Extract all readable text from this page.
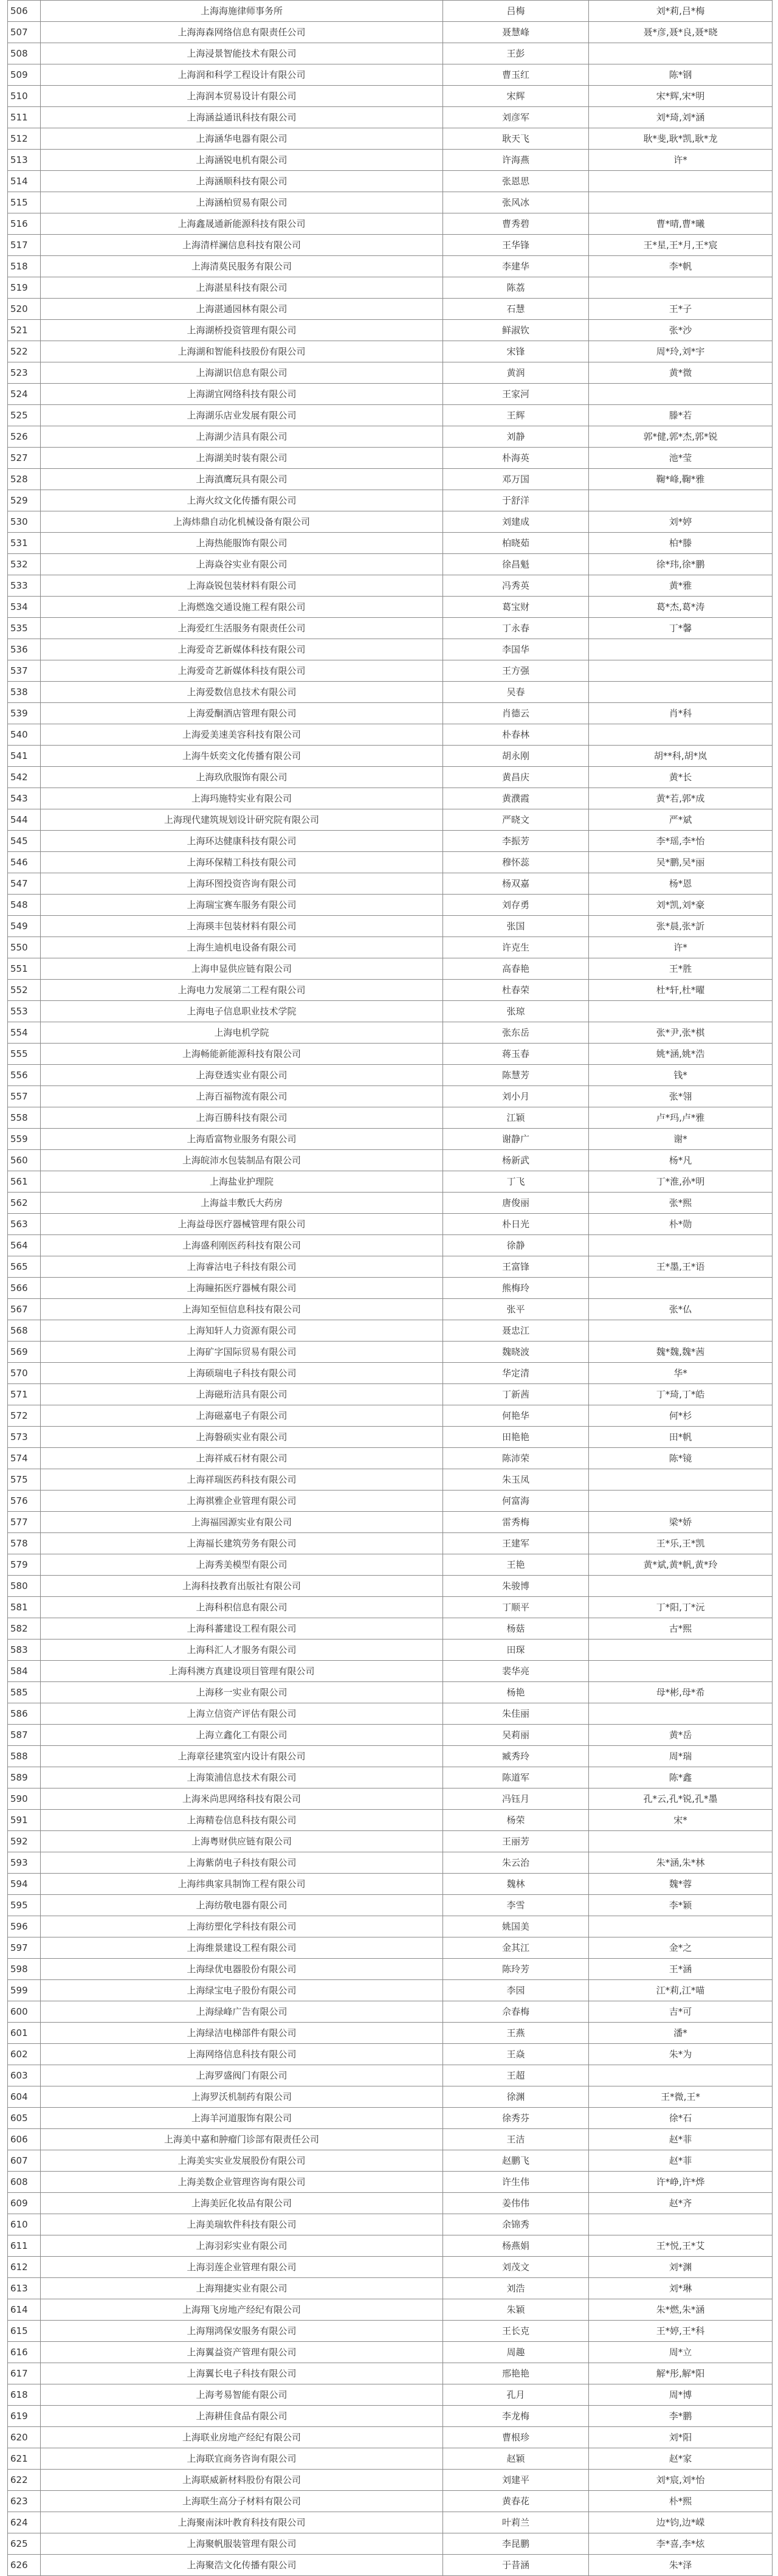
506	上海海施律师事务所	吕梅	刘*莉,吕*梅
507	上海海森网络信息有限责任公司	聂慧峰	聂*彦,聂*良,聂*晓
508	上海浸景智能技术有限公司	王彭	
509	上海润和科学工程设计有限公司	曹玉红	陈*钢
510	上海润本贸易设计有限公司	宋辉	宋*辉,宋*明
511	上海涵益通讯科技有限公司	刘彦军	刘*琦,刘*涵
512	上海涵华电器有限公司	耿天飞	耿*斐,耿*凯,耿*龙
513	上海涵锐电机有限公司	许海燕	许*
514	上海涵顺科技有限公司	张恩思	
515	上海涵柏贸易有限公司	张风冰	
516	上海鑫晟通新能源科技有限公司	曹秀碧	曹*晴,曹*曦
517	上海清样澜信息科技有限公司	王华锋	王*星,王*月,王*宸
518	上海清莫民服务有限公司	李建华	李*帆
519	上海湛星科技有限公司	陈荔	
520	上海湛通园林有限公司	石慧	王*子
521	上海湖桥投资管理有限公司	鲜淑钦	张*沙
522	上海湖和智能科技股份有限公司	宋锋	周*玲,刘*宇
523	上海湖识信息有限公司	黄润	黄*微
524	上海湖宜网络科技有限公司	王家河	
525	上海湖乐店业发展有限公司	王辉	滕*若
526	上海湖少洁具有限公司	刘静	郭*健,郭*杰,郭*锐
527	上海湖美时装有限公司	朴海英	池*莹
528	上海滇鹰玩具有限公司	邓万国	鞠*峰,鞠*雅
529	上海火纹文化传播有限公司	于舒洋	
530	上海炜鼎自动化机械设备有限公司	刘建成	刘*婷
531	上海热能服饰有限公司	柏晓茹	柏*滕
532	上海焱谷实业有限公司	徐昌魁	徐*玮,徐*鹏
533	上海焱锐包装材料有限公司	冯秀英	黄*雅
534	上海燃逸交通设施工程有限公司	葛宝财	葛*杰,葛*涛
535	上海爱红生活服务有限责任公司	丁永春	丁*馨
536	上海爱奇艺新媒体科技有限公司	李国华	
537	上海爱奇艺新媒体科技有限公司	王方强	
538	上海爱数信息技术有限公司	吴春	
539	上海爱酮酒店管理有限公司	肖德云	肖*科
540	上海爱美速美容科技有限公司	朴春林	
541	上海牛妖奕文化传播有限公司	胡永刚	胡**科,胡*岚
542	上海玖欣服饰有限公司	黄昌庆	黄*长
543	上海玛施特实业有限公司	黄濮霞	黄*若,郭*成
544	上海现代建筑规划设计研究院有限公司	严晓文	严*斌
545	上海环达健康科技有限公司	李振芳	李*瑶,李*怡
546	上海环保精工科技有限公司	穆怀蕊	吴*鹏,吴*丽
547	上海环图投资咨询有限公司	杨双嘉	杨*恩
548	上海瑞宝赛车服务有限公司	刘存勇	刘*凯,刘*豪
549	上海瑛丰包装材料有限公司	张国	张*晨,张*訢
550	上海生迪机电设备有限公司	许克生	许*
551	上海申显供应链有限公司	高春艳	王*胜
552	上海电力发展第二工程有限公司	杜春荣	杜*轩,杜*曜
553	上海电子信息职业技术学院	张琼	
554	上海电机学院	张东岳	张*尹,张*棋
555	上海畅能新能源科技有限公司	蒋玉春	姚*涵,姚*浩
556	上海登透实业有限公司	陈慧芳	钱*
557	上海百福物流有限公司	刘小月	张*翎
558	上海百勝科技有限公司	江颖	卢*玛,卢*雅
559	上海盾富物业服务有限公司	谢静广	谢*
560	上海皖沛水包装制品有限公司	杨新武	杨*凡
561	上海盐业护理院	丁飞	丁*淮,孙*明
562	上海益丰敷氏大药房	唐俊丽	张*熙
563	上海益母医疗器械管理有限公司	朴日光	朴*勋
564	上海盛利刚医药科技有限公司	徐静	
565	上海睿沽电子科技有限公司	王富锋	王*墨,王*语
566	上海瞳拓医疗器械有限公司	熊梅玲	
567	上海知至恒信息科技有限公司	张平	张*仏
568	上海知轩人力资源有限公司	聂忠江	
569	上海矿字国际贸易有限公司	魏晓波	魏*魏,魏*茜
570	上海硕瑞电子科技有限公司	华定清	华*
571	上海磁珩洁具有限公司	丁新茜	丁*琦,丁*皓
572	上海磁嘉电子有限公司	何艳华	何*杉
573	上海磐硕实业有限公司	田艳艳	田*帆
574	上海祥威石材有限公司	陈沛荣	陈*镜
575	上海祥瑞医药科技有限公司	朱玉凤	
576	上海祺雅企业管理有限公司	何富海	
577	上海福园源实业有限公司	雷秀梅	梁*娇
578	上海福长建筑劳务有限公司	王建军	王*乐,王*凯
579	上海秀美模型有限公司	王艳	黄*斌,黄*帆,黄*玲
580	上海科技教育出版社有限公司	朱骏博	
581	上海科积信息有限公司	丁顺平	丁*阳,丁*沅
582	上海科蕃建设工程有限公司	杨菇	古*熙
583	上海科汇人才服务有限公司	田琛	
584	上海科澳方真建设项目管理有限公司	裴华亮	
585	上海移一实业有限公司	杨艳	母*彬,母*希
586	上海立信资产评估有限公司	朱佳丽	
587	上海立鑫化工有限公司	吴莉丽	黄*岳
588	上海章径建筑室内设计有限公司	臧秀玲	周*瑞
589	上海策浦信息技术有限公司	陈道军	陈*鑫
590	上海米尚思网络科技有限公司	冯钰月	孔*云,孔*锐,孔*墨
591	上海精卷信息科技有限公司	杨荣	宋*
592	上海粤财供应链有限公司	王丽芳	
593	上海紫荫电子科技有限公司	朱云治	朱*涵,朱*林
594	上海纬典家具制饰工程有限公司	魏林	魏*蓉
595	上海纺敬电器有限公司	李雪	李*颖
596	上海纺塑化学科技有限公司	姚国美	
597	上海维景建设工程有限公司	金其江	金*之
598	上海绿优电器股份有限公司	陈玲芳	王*涵
599	上海绿宝电子股份有限公司	李园	江*莉,江*喵
600	上海绿峰广告有限公司	佘春梅	吉*可
601	上海绿洁电梯部件有限公司	王燕	潘*
602	上海网络信息科技有限公司	王焱	朱*为
603	上海罗盛阀门有限公司	王超	
604	上海罗沃机制药有限公司	徐渊	王*微,王*
605	上海羊河道服饰有限公司	徐秀芬	徐*石
606	上海美中嘉和肿瘤门诊部有限责任公司	王洁	赵*菲
607	上海美实实业发展股份有限公司	赵鹏飞	赵*菲
608	上海美数企业管理咨询有限公司	许生伟	许*峥,许*烨
609	上海美匠化妆品有限公司	姜伟伟	赵*齐
610	上海美瑞软件科技有限公司	余锦秀	
611	上海羽彩实业有限公司	杨燕娟	王*悦,王*艾
612	上海羽莲企业管理有限公司	刘茂文	刘*渊
613	上海翔捷实业有限公司	刘浩	刘*琳
614	上海翔飞房地产经纪有限公司	朱颖	朱*燃,朱*涵
615	上海翔鸿保安服务有限公司	王长克	王*婷,王*科
616	上海翼益资产管理有限公司	周趣	周*立
617	上海翼长电子科技有限公司	邢艳艳	解*彤,解*阳
618	上海考易智能有限公司	孔月	周*博
619	上海耕佳食品有限公司	李龙梅	李*鹏
620	上海联业房地产经纪有限公司	曹根珍	刘*阳
621	上海联宜商务咨询有限公司	赵颖	赵*家
622	上海联威新材料股份有限公司	刘建平	刘*宸,刘*怡
623	上海联生高分子材料有限公司	黄春花	朴*熙
624	上海聚南沫叶教育科技有限公司	叶莉兰	边*钧,边*嵘
625	上海聚帆服装管理有限公司	李昆鹏	李*喜,李*炫
626	上海聚浩文化传播有限公司	于昔涵	朱*泽
